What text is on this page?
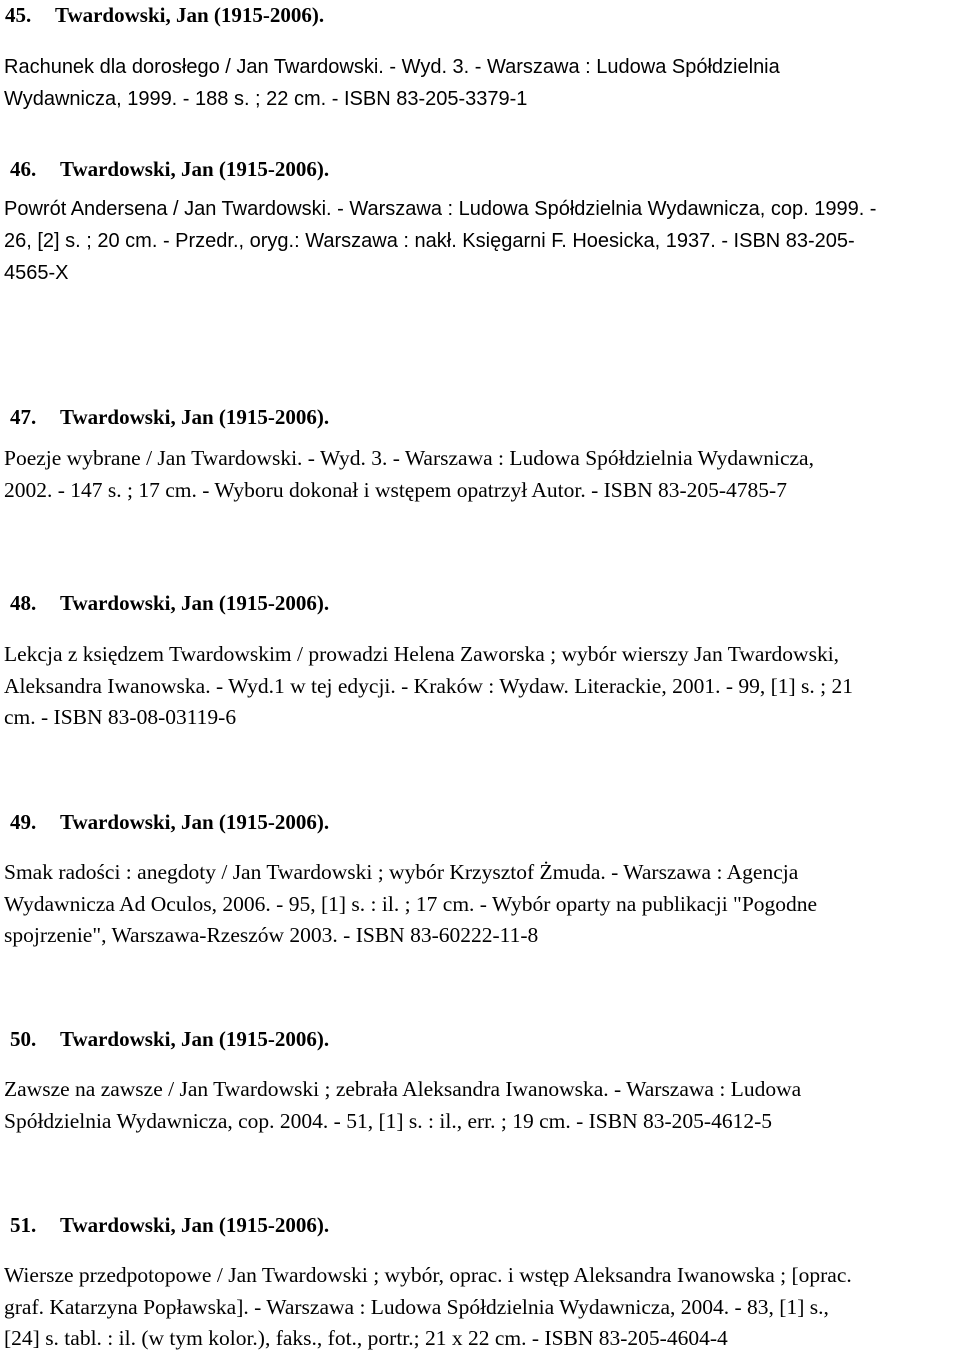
45. Twardowski, Jan (1915-2006).
Rachunek dla dorosłego / Jan Twardowski. - Wyd. 3. - Warszawa : Ludowa Spółdzielnia
Wydawnicza, 1999. - 188 s. ; 22 cm. - ISBN 83-205-3379-1
46. Twardowski, Jan (1915-2006).
Powrót Andersena / Jan Twardowski. - Warszawa : Ludowa Spółdzielnia Wydawnicza, cop. 1999. -
26, [2] s. ; 20 cm. - Przedr., oryg.: Warszawa : nakł. Księgarni F. Hoesicka, 1937. - ISBN 83-205-
4565-X
47. Twardowski, Jan (1915-2006).
Poezje wybrane / Jan Twardowski. - Wyd. 3. - Warszawa : Ludowa Spółdzielnia Wydawnicza,
2002. - 147 s. ; 17 cm. - Wyboru dokonał i wstępem opatrzył Autor. - ISBN 83-205-4785-7
48. Twardowski, Jan (1915-2006).
Lekcja z księdzem Twardowskim / prowadzi Helena Zaworska ; wybór wierszy Jan Twardowski,
Aleksandra Iwanowska. - Wyd.1 w tej edycji. - Kraków : Wydaw. Literackie, 2001. - 99, [1] s. ; 21
cm. - ISBN 83-08-03119-6
49. Twardowski, Jan (1915-2006).
Smak radości : anegdoty / Jan Twardowski ; wybór Krzysztof Żmuda. - Warszawa : Agencja
Wydawnicza Ad Oculos, 2006. - 95, [1] s. : il. ; 17 cm. - Wybór oparty na publikacji "Pogodne
spojrzenie", Warszawa-Rzeszów 2003. - ISBN 83-60222-11-8
50. Twardowski, Jan (1915-2006).
Zawsze na zawsze / Jan Twardowski ; zebrała Aleksandra Iwanowska. - Warszawa : Ludowa
Spółdzielnia Wydawnicza, cop. 2004. - 51, [1] s. : il., err. ; 19 cm. - ISBN 83-205-4612-5
51. Twardowski, Jan (1915-2006).
Wiersze przedpotopowe / Jan Twardowski ; wybór, oprac. i wstęp Aleksandra Iwanowska ; [oprac.
graf. Katarzyna Popławska]. - Warszawa : Ludowa Spółdzielnia Wydawnicza, 2004. - 83, [1] s.,
[24] s. tabl. : il. (w tym kolor.), faks., fot., portr.; 21 x 22 cm. - ISBN 83-205-4604-4
